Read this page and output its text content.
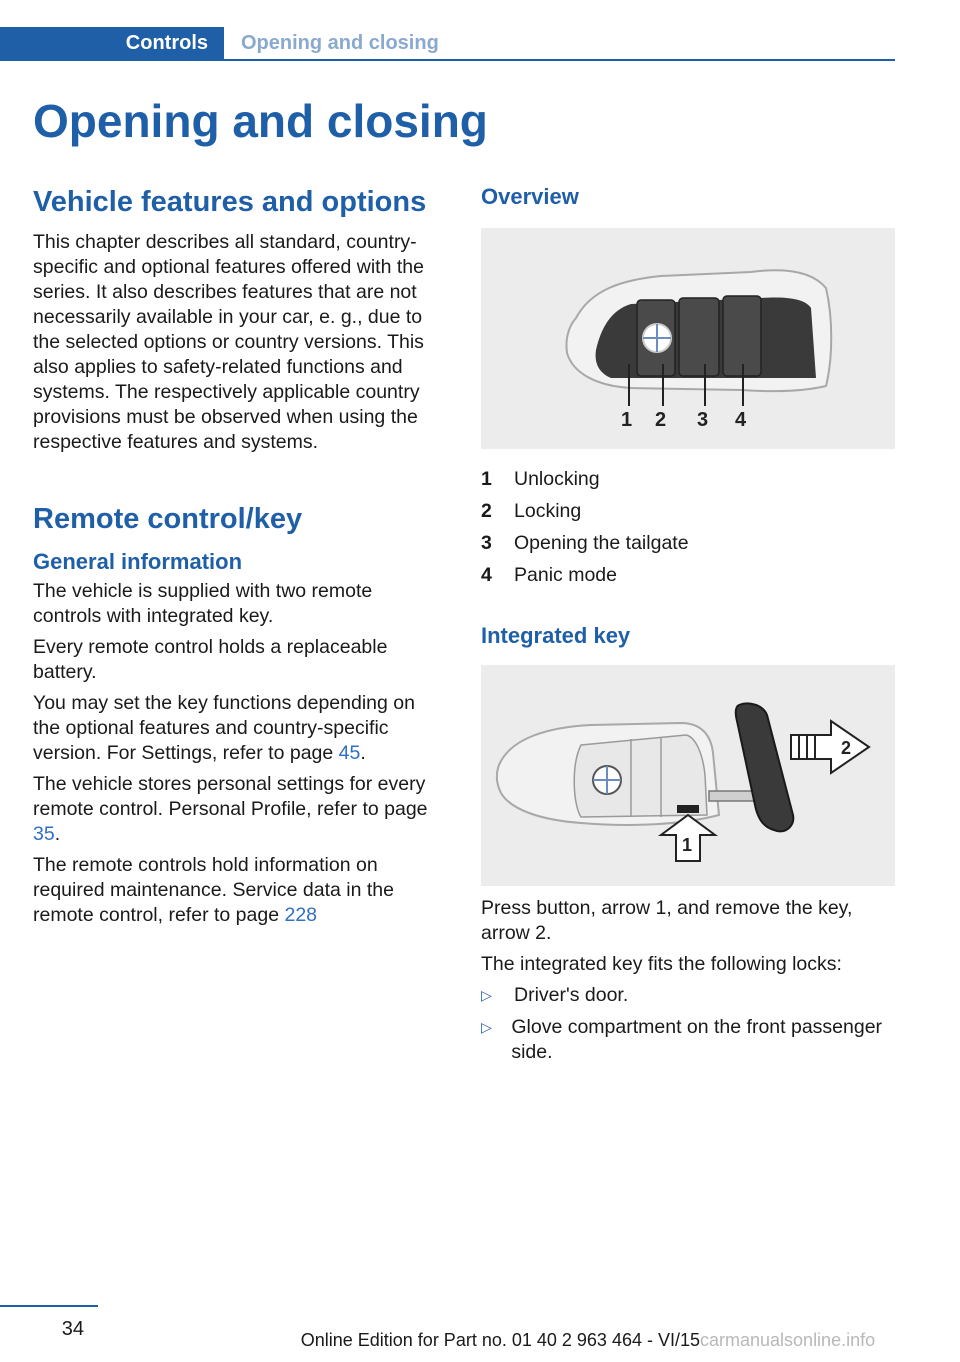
Controls	Opening and closing
Opening and closing
Vehicle features and options

This chapter describes all standard, country-specific and optional features offered with the series. It also describes features that are not necessarily available in your car, e. g., due to the selected options or country versions. This also applies to safety-related functions and systems. The respectively applicable country provisions must be observed when using the respective features and systems.

Remote control/key
General information

The vehicle is supplied with two remote controls with integrated key.

Every remote control holds a replaceable battery.

You may set the key functions depending on the optional features and country-specific version. For Settings, refer to page 45.

The vehicle stores personal settings for every remote control. Personal Profile, refer to page 35.

The remote controls hold information on required maintenance. Service data in the remote control, refer to page 228

Overview
1 2 3 4
1	Unlocking
2	Locking
3	Opening the tailgate
4	Panic mode
Integrated key
1
2

Press button, arrow 1, and remove the key, arrow 2.

The integrated key fits the following locks:

▷	Driver's door.
▷	Glove compartment on the front passenger side.
34	Online Edition for Part no. 01 40 2 963 464 - VI/15 carmanualsonline.info
